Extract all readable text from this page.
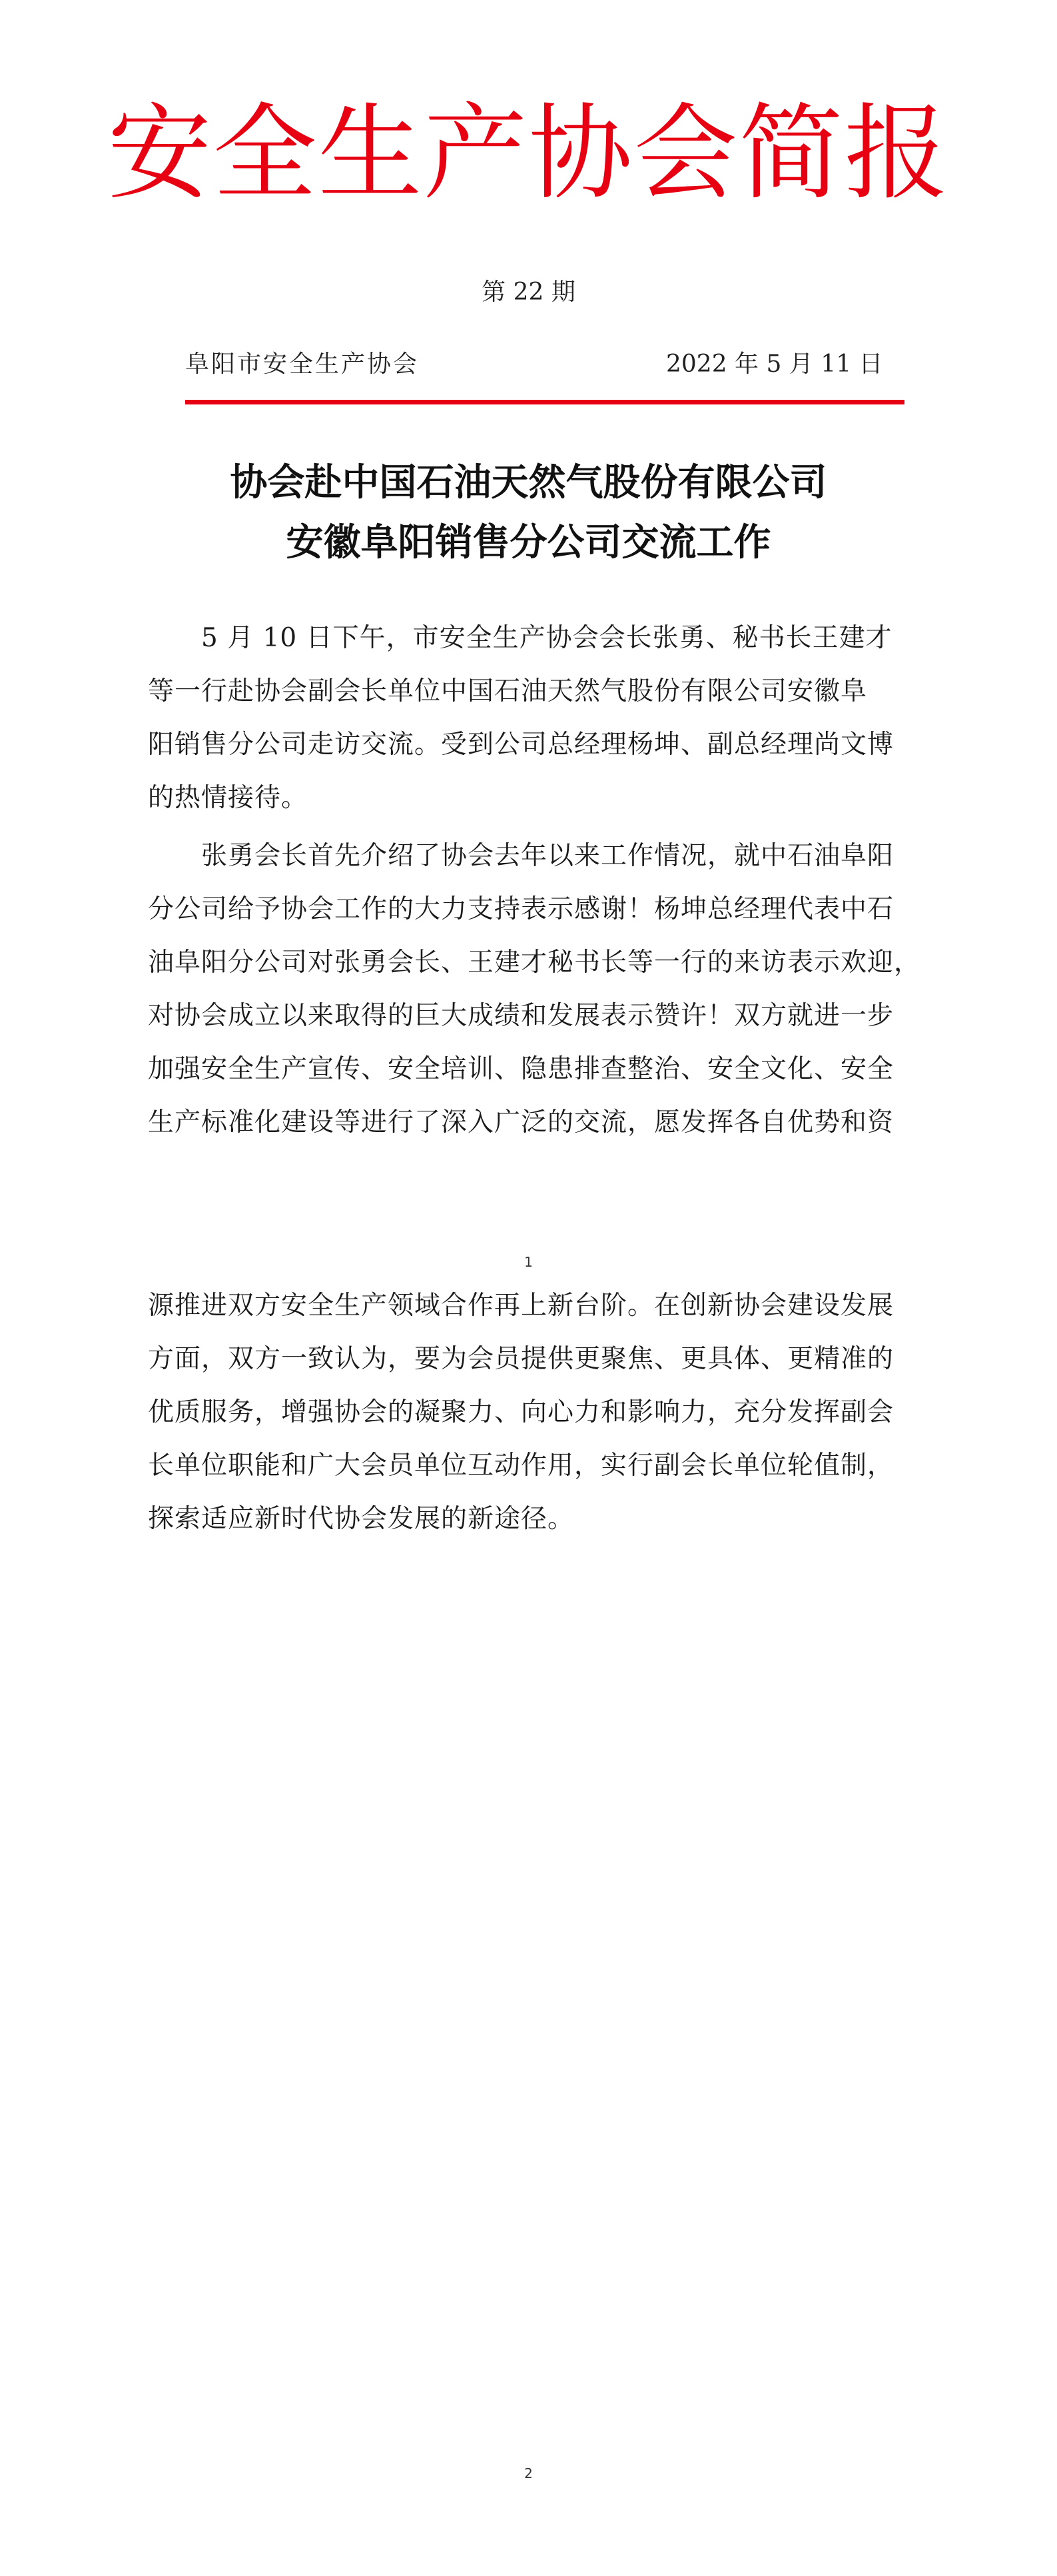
安全生产协会简报
第 22 期
阜阳市安全生产协会	2022 年 5 月 11 日
协会赴中国石油天然气股份有限公司
安徽阜阳销售分公司交流工作
　　5 月 10 日下午，市安全生产协会会长张勇、秘书长王建才
等一行赴协会副会长单位中国石油天然气股份有限公司安徽阜
阳销售分公司走访交流。受到公司总经理杨坤、副总经理尚文博
的热情接待。
　　张勇会长首先介绍了协会去年以来工作情况，就中石油阜阳
分公司给予协会工作的大力支持表示感谢！杨坤总经理代表中石
油阜阳分公司对张勇会长、王建才秘书长等一行的来访表示欢迎，
对协会成立以来取得的巨大成绩和发展表示赞许！双方就进一步
加强安全生产宣传、安全培训、隐患排查整治、安全文化、安全
生产标准化建设等进行了深入广泛的交流，愿发挥各自优势和资
1
源推进双方安全生产领域合作再上新台阶。在创新协会建设发展
方面，双方一致认为，要为会员提供更聚焦、更具体、更精准的
优质服务，增强协会的凝聚力、向心力和影响力，充分发挥副会
长单位职能和广大会员单位互动作用，实行副会长单位轮值制，
探索适应新时代协会发展的新途径。
2
